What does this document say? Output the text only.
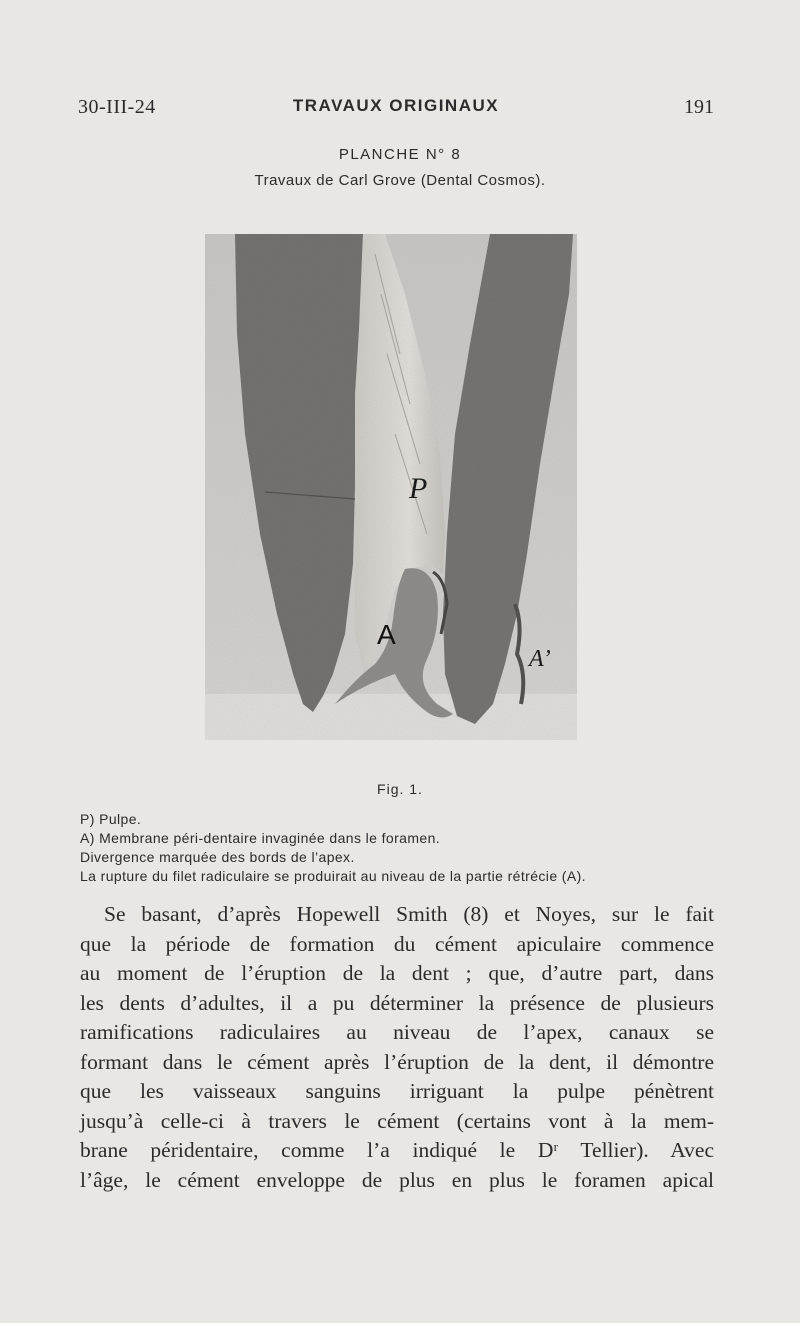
30-III-24	TRAVAUX ORIGINAUX	191
PLANCHE N° 8
Travaux de Carl Grove (Dental Cosmos).
P
A
A’
Fig. 1.
P) Pulpe.
A) Membrane péri-dentaire invaginée dans le foramen.
Divergence marquée des bords de l’apex.
La rupture du filet radiculaire se produirait au niveau de la partie rétrécie (A).

Se basant, d’après Hopewell Smith (8) et Noyes, sur le fait
que la période de formation du cément apiculaire commence
au moment de l’éruption de la dent ; que, d’autre part, dans
les dents d’adultes, il a pu déterminer la présence de plusieurs
ramifications radiculaires au niveau de l’apex, canaux se
formant dans le cément après l’éruption de la dent, il démontre
que les vaisseaux sanguins irriguant la pulpe pénètrent
jusqu’à celle-ci à travers le cément (certains vont à la mem-
brane péridentaire, comme l’a indiqué le Dʳ Tellier). Avec
l’âge, le cément enveloppe de plus en plus le foramen apical
